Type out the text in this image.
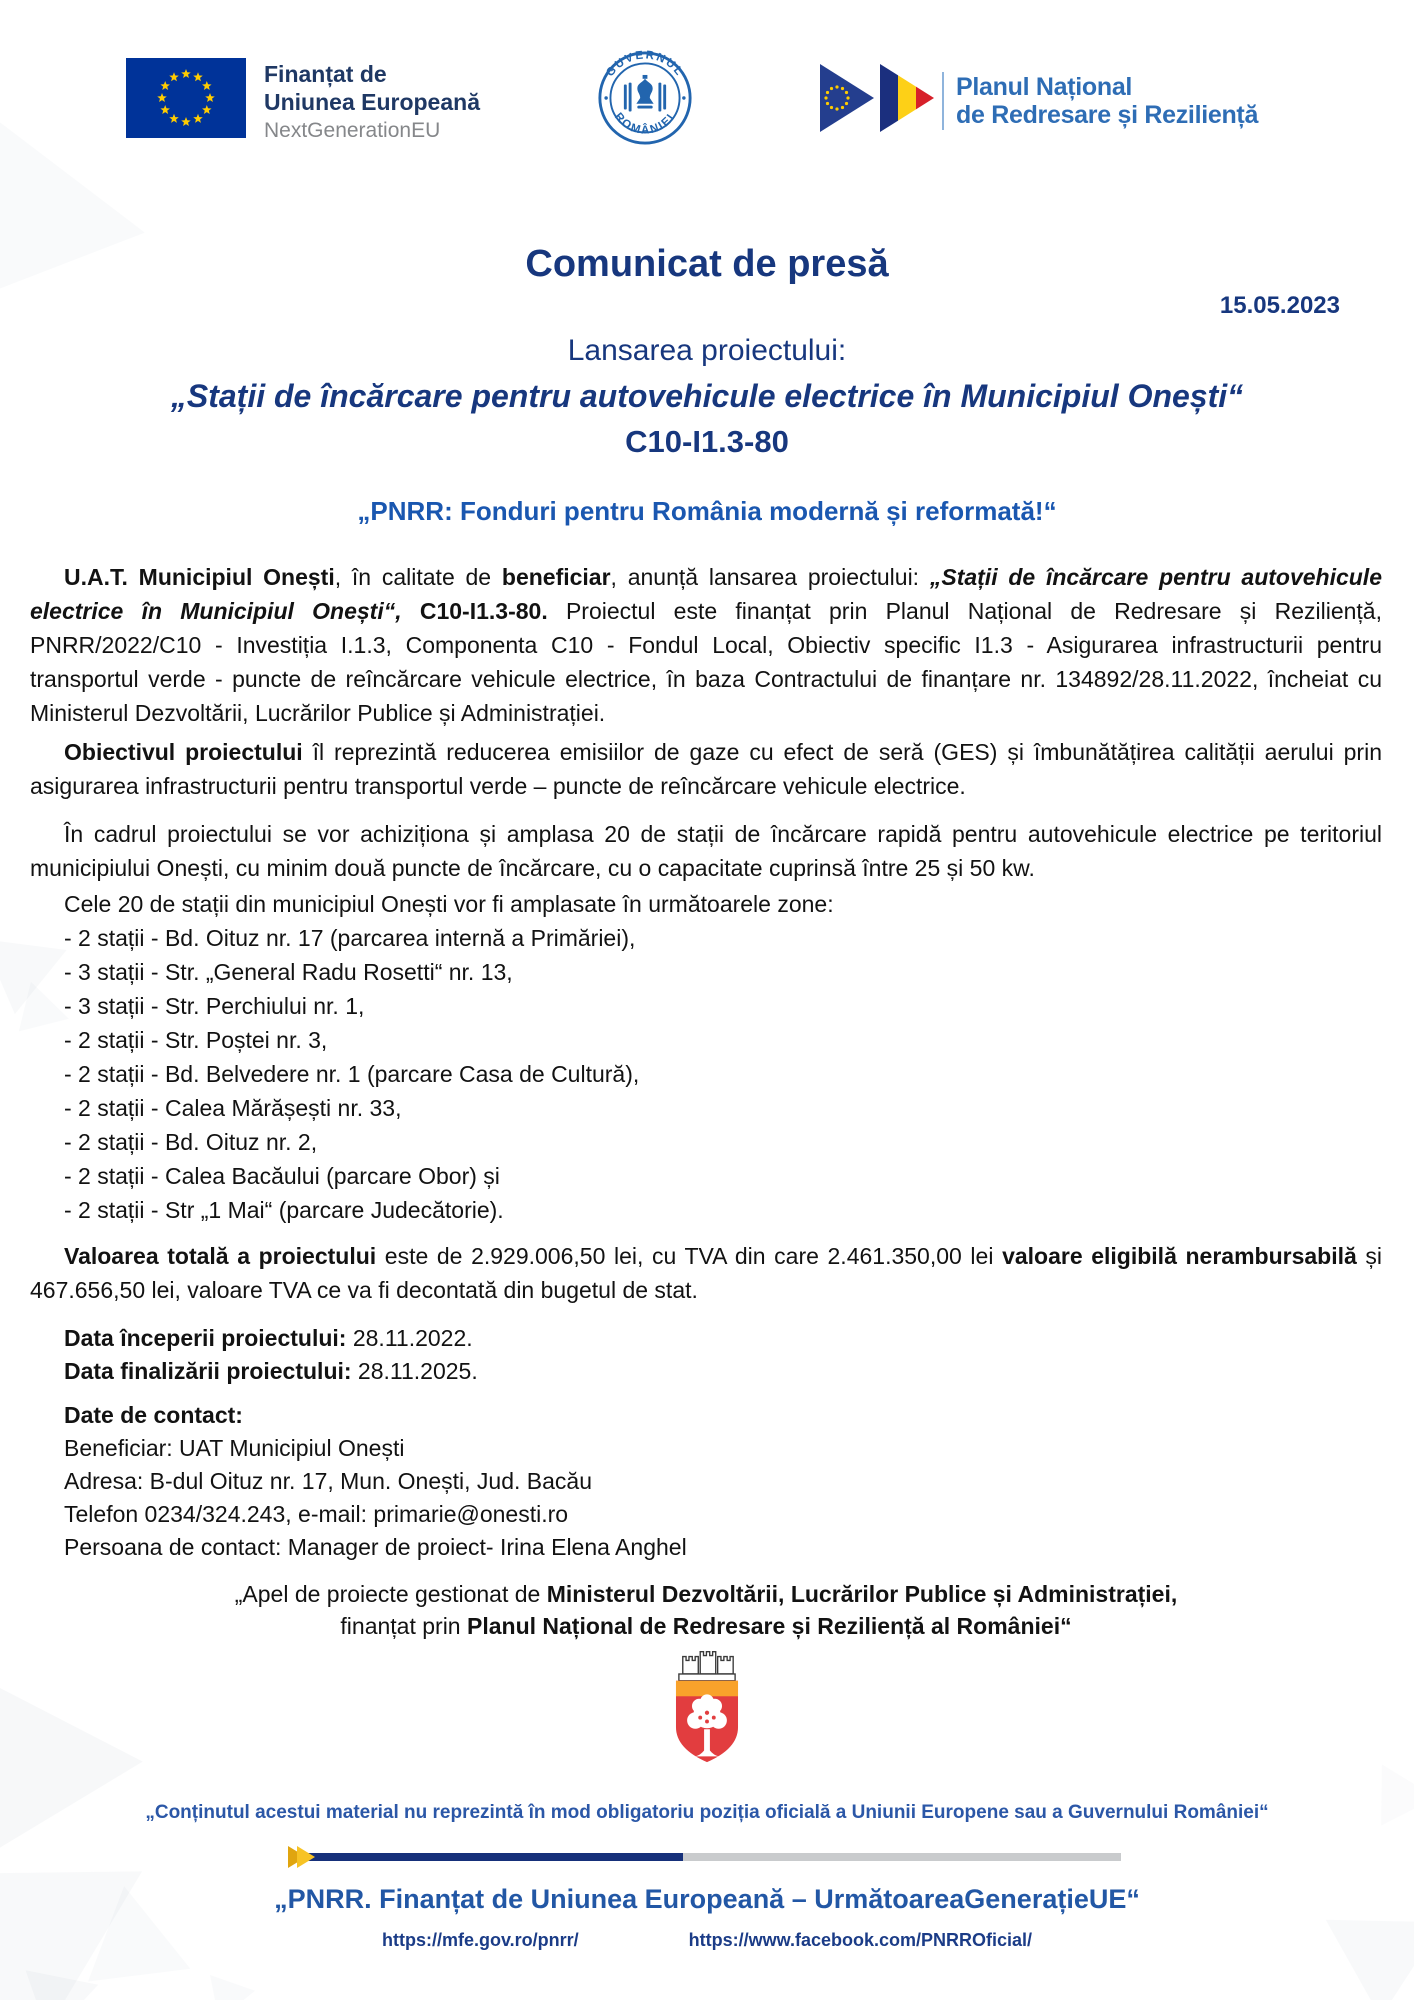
Finanțat de
Uniunea Europeană
NextGenerationEU
GUVERNUL
ROMÂNIEI
Planul Național
de Redresare și Reziliență
Comunicat de presă
15.05.2023
Lansarea proiectului:
„Stații de încărcare pentru autovehicule electrice în Municipiul Onești“
C10-I1.3-80
„PNRR: Fonduri pentru România modernă și reformată!“

U.A.T. Municipiul Onești, în calitate de beneficiar, anunță lansarea proiectului: „Stații de încărcare pentru autovehicule electrice în Municipiul Onești“, C10-I1.3-80. Proiectul este finanțat prin Planul Național de Redresare și Reziliență, PNRR/2022/C10 - Investiția I.1.3, Componenta C10 - Fondul Local, Obiectiv specific I1.3 - Asigurarea infrastructurii pentru transportul verde - puncte de reîncărcare vehicule electrice, în baza Contractului de finanțare nr. 134892/28.11.2022, încheiat cu Ministerul Dezvoltării, Lucrărilor Publice și Administrației.

Obiectivul proiectului îl reprezintă reducerea emisiilor de gaze cu efect de seră (GES) și îmbunătățirea calității aerului prin asigurarea infrastructurii pentru transportul verde – puncte de reîncărcare vehicule electrice.

În cadrul proiectului se vor achiziționa și amplasa 20 de stații de încărcare rapidă pentru autovehicule electrice pe teritoriul municipiului Onești, cu minim două puncte de încărcare, cu o capacitate cuprinsă între 25 și 50 kw.

Cele 20 de stații din municipiul Onești vor fi amplasate în următoarele zone:

- 2 stații - Bd. Oituz nr. 17 (parcarea internă a Primăriei),
- 3 stații - Str. „General Radu Rosetti“ nr. 13,
- 3 stații - Str. Perchiului nr. 1,
- 2 stații - Str. Poștei nr. 3,
- 2 stații - Bd. Belvedere nr. 1 (parcare Casa de Cultură),
- 2 stații - Calea Mărășești nr. 33,
- 2 stații - Bd. Oituz nr. 2,
- 2 stații - Calea Bacăului (parcare Obor) și
- 2 stații - Str „1 Mai“ (parcare Judecătorie).

Valoarea totală a proiectului este de 2.929.006,50 lei, cu TVA din care 2.461.350,00 lei valoare eligibilă nerambursabilă și 467.656,50 lei, valoare TVA ce va fi decontată din bugetul de stat.

Data începerii proiectului: 28.11.2022.
Data finalizării proiectului: 28.11.2025.
Date de contact:
Beneficiar: UAT Municipiul Onești
Adresa: B-dul Oituz nr. 17, Mun. Onești, Jud. Bacău
Telefon 0234/324.243, e-mail: primarie@onesti.ro
Persoana de contact: Manager de proiect- Irina Elena Anghel
„Apel de proiecte gestionat de Ministerul Dezvoltării, Lucrărilor Publice și Administrației,
finanțat prin Planul Național de Redresare și Reziliență al României“
„Conținutul acestui material nu reprezintă în mod obligatoriu poziția oficială a Uniunii Europene sau a Guvernului României“
„PNRR. Finanțat de Uniunea Europeană – UrmătoareaGenerațieUE“
https://mfe.gov.ro/pnrr/	https://www.facebook.com/PNRROficial/
